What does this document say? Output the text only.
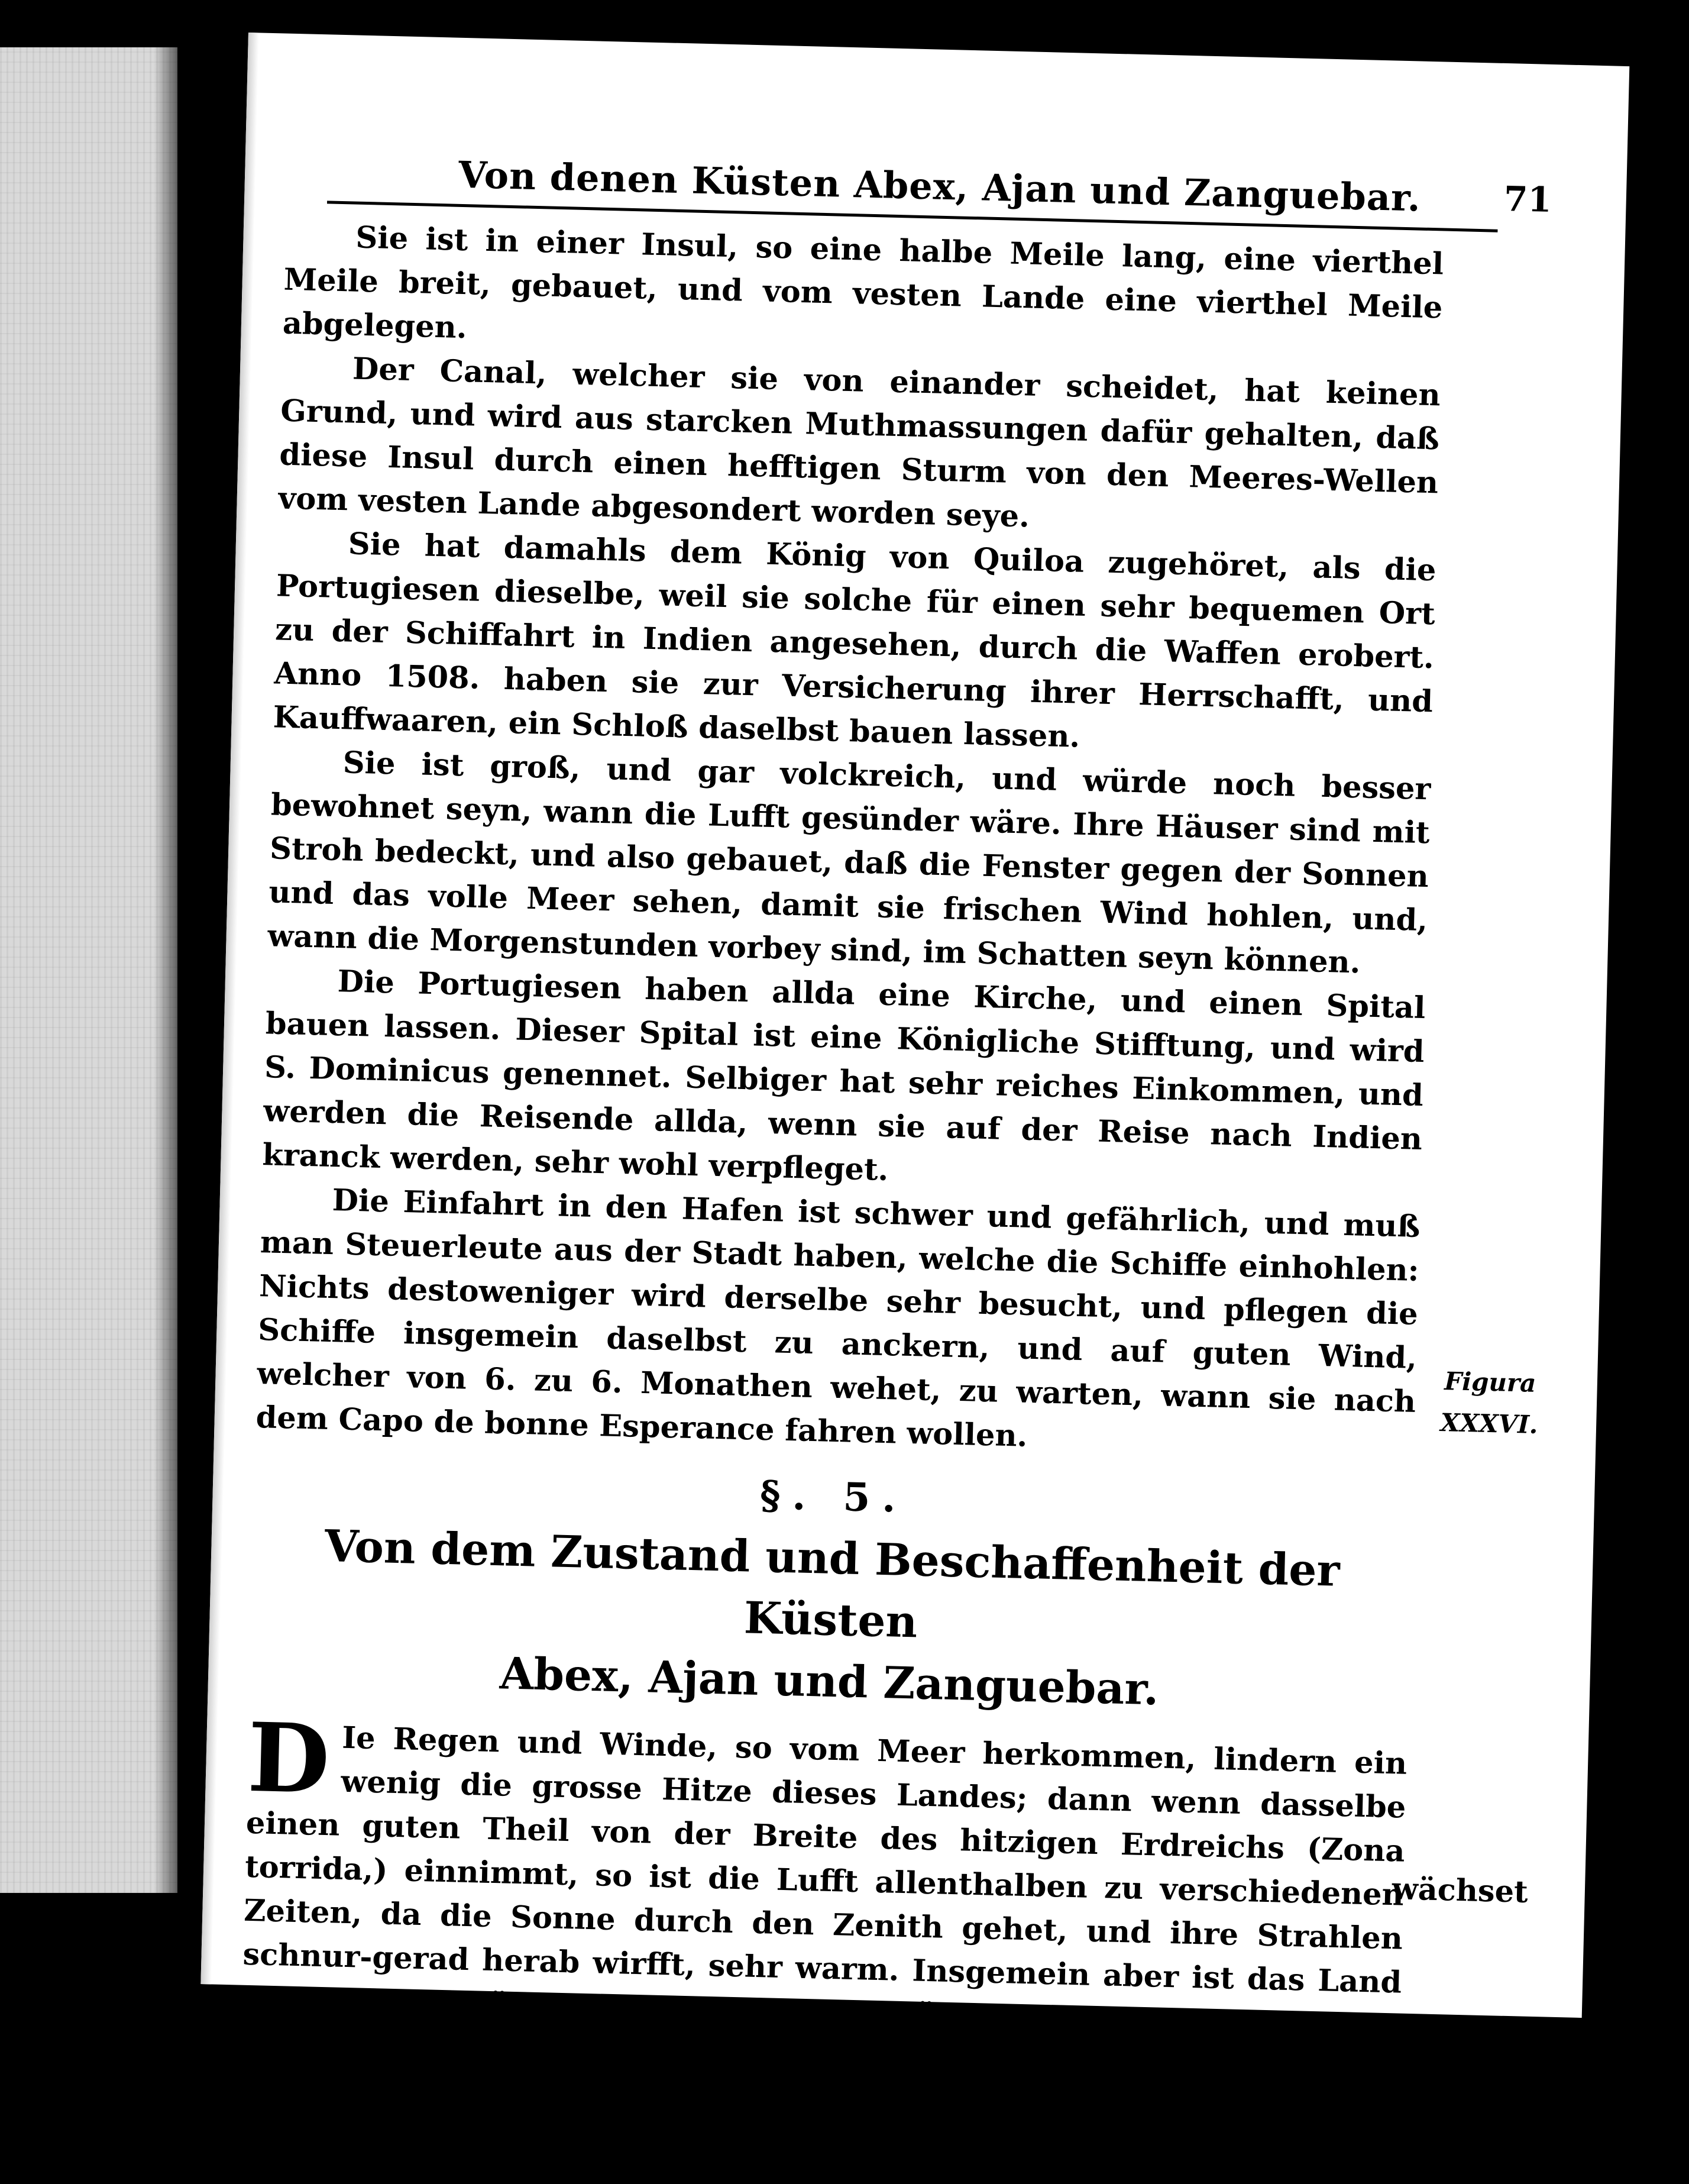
Von denen Küsten Abex, Ajan und Zanguebar.	71

Sie ist in einer Insul, so eine halbe Meile lang, eine vierthel Meile breit, gebauet, und vom vesten Lande eine vierthel Meile abgelegen.

Der Canal, welcher sie von einander scheidet, hat keinen Grund, und wird aus starcken Muthmassungen dafür gehalten, daß diese Insul durch einen hefftigen Sturm von den Meeres-Wellen vom vesten Lande abgesondert worden seye.

Sie hat damahls dem König von Quiloa zugehöret, als die Portugiesen dieselbe, weil sie solche für einen sehr bequemen Ort zu der Schiffahrt in Indien angesehen, durch die Waffen erobert. Anno 1508. haben sie zur Versicherung ihrer Herrschafft, und Kauffwaaren, ein Schloß daselbst bauen lassen.

Sie ist groß, und gar volckreich, und würde noch besser bewohnet seyn, wann die Lufft gesünder wäre. Ihre Häuser sind mit Stroh bedeckt, und also gebauet, daß die Fenster gegen der Sonnen und das volle Meer sehen, damit sie frischen Wind hohlen, und, wann die Morgenstunden vorbey sind, im Schatten seyn können.

Die Portugiesen haben allda eine Kirche, und einen Spital bauen lassen. Dieser Spital ist eine Königliche Stifftung, und wird S. Dominicus genennet. Selbiger hat sehr reiches Einkommen, und werden die Reisende allda, wenn sie auf der Reise nach Indien kranck werden, sehr wohl verpfleget.

Die Einfahrt in den Hafen ist schwer und gefährlich, und muß man Steuerleute aus der Stadt haben, welche die Schiffe einhohlen: Nichts destoweniger wird derselbe sehr besucht, und pflegen die Schiffe insgemein daselbst zu anckern, und auf guten Wind, welcher von 6. zu 6. Monathen wehet, zu warten, wann sie nach dem Capo de bonne Esperance fahren wollen.

§. 5.
Von dem Zustand und Beschaffenheit der Küsten
Abex, Ajan und Zanguebar.
D Ie Regen und Winde, so vom Meer herkommen, lindern ein wenig die grosse Hitze dieses Landes; dann wenn dasselbe einen guten Theil von der Breite des hitzigen Erdreichs (Zona torrida,) einnimmt, so ist die Lufft allenthalben zu verschiedenen Zeiten, da die Sonne durch den Zenith gehet, und ihre Strahlen schnur-gerad herab wirfft, sehr warm. Insgemein aber ist das Land in den zweyen äussersten Theilen viel wärmer, als in der Mitten.

An etlichen Orten ist das Erdreich überaus fruchtbar, insonderheit in den Thälern, darein man Hirsen, Reiß und Geträyd säet; das Korn aber

Figura
XXXVI.
wächset
